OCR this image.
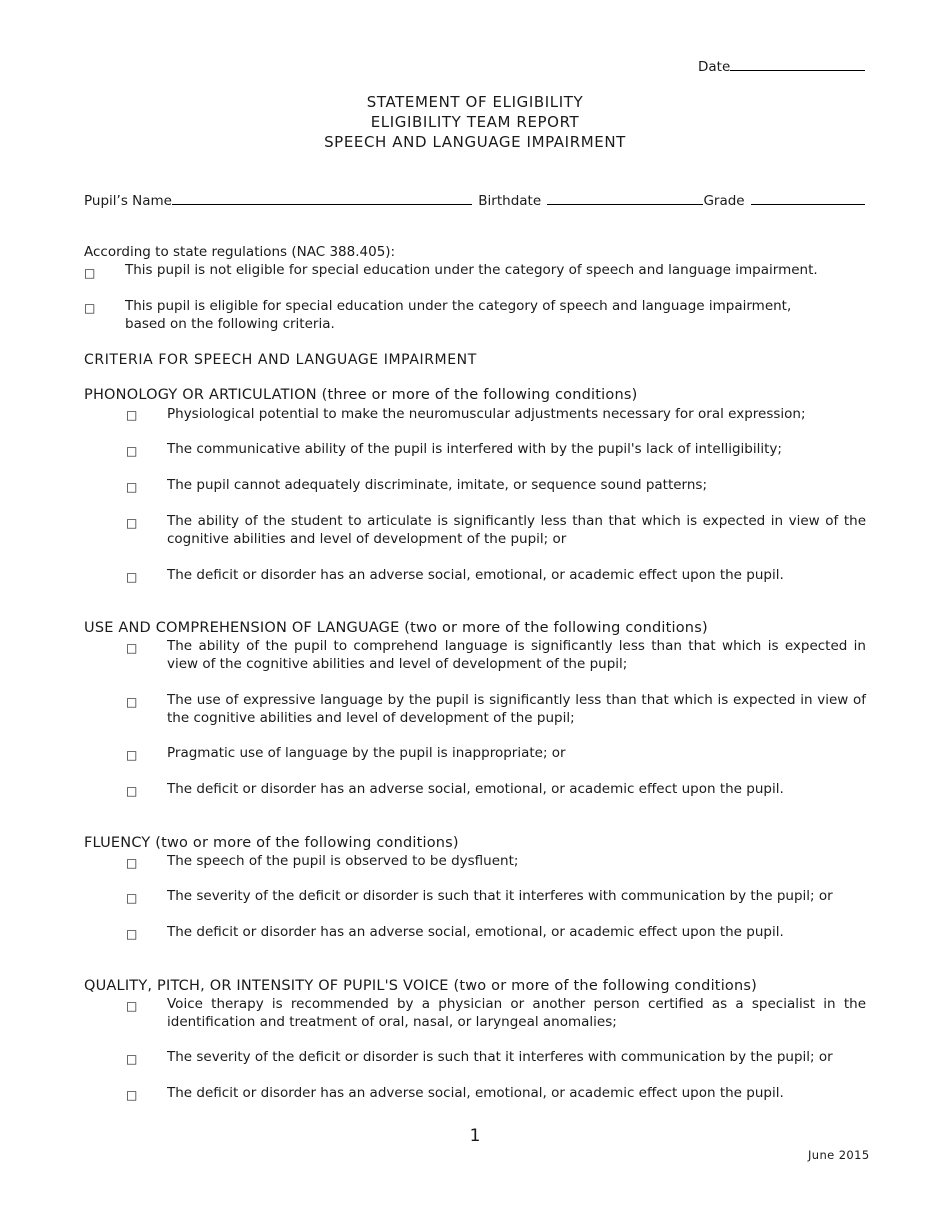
Date
STATEMENT OF ELIGIBILITY
ELIGIBILITY TEAM REPORT
SPEECH AND LANGUAGE IMPAIRMENT
Pupil’s Name	Birthdate	Grade
According to state regulations (NAC 388.405):
□ This pupil is not eligible for special education under the category of speech and language impairment.
□ This pupil is eligible for special education under the category of speech and language impairment,
based on the following criteria.
CRITERIA FOR SPEECH AND LANGUAGE IMPAIRMENT
PHONOLOGY OR ARTICULATION (three or more of the following conditions)
□ Physiological potential to make the neuromuscular adjustments necessary for oral expression;
□ The communicative ability of the pupil is interfered with by the pupil's lack of intelligibility;
□ The pupil cannot adequately discriminate, imitate, or sequence sound patterns;
□ The ability of the student to articulate is significantly less than that which is expected in view of the cognitive abilities and level of development of the pupil; or
□ The deficit or disorder has an adverse social, emotional, or academic effect upon the pupil.
USE AND COMPREHENSION OF LANGUAGE (two or more of the following conditions)
□ The ability of the pupil to comprehend language is significantly less than that which is expected in view of the cognitive abilities and level of development of the pupil;
□ The use of expressive language by the pupil is significantly less than that which is expected in view of the cognitive abilities and level of development of the pupil;
□ Pragmatic use of language by the pupil is inappropriate; or
□ The deficit or disorder has an adverse social, emotional, or academic effect upon the pupil.
FLUENCY (two or more of the following conditions)
□ The speech of the pupil is observed to be dysfluent;
□ The severity of the deficit or disorder is such that it interferes with communication by the pupil; or
□ The deficit or disorder has an adverse social, emotional, or academic effect upon the pupil.
QUALITY, PITCH, OR INTENSITY OF PUPIL'S VOICE (two or more of the following conditions)
□ Voice therapy is recommended by a physician or another person certified as a specialist in the identification and treatment of oral, nasal, or laryngeal anomalies;
□ The severity of the deficit or disorder is such that it interferes with communication by the pupil; or
□ The deficit or disorder has an adverse social, emotional, or academic effect upon the pupil.
1
June 2015
